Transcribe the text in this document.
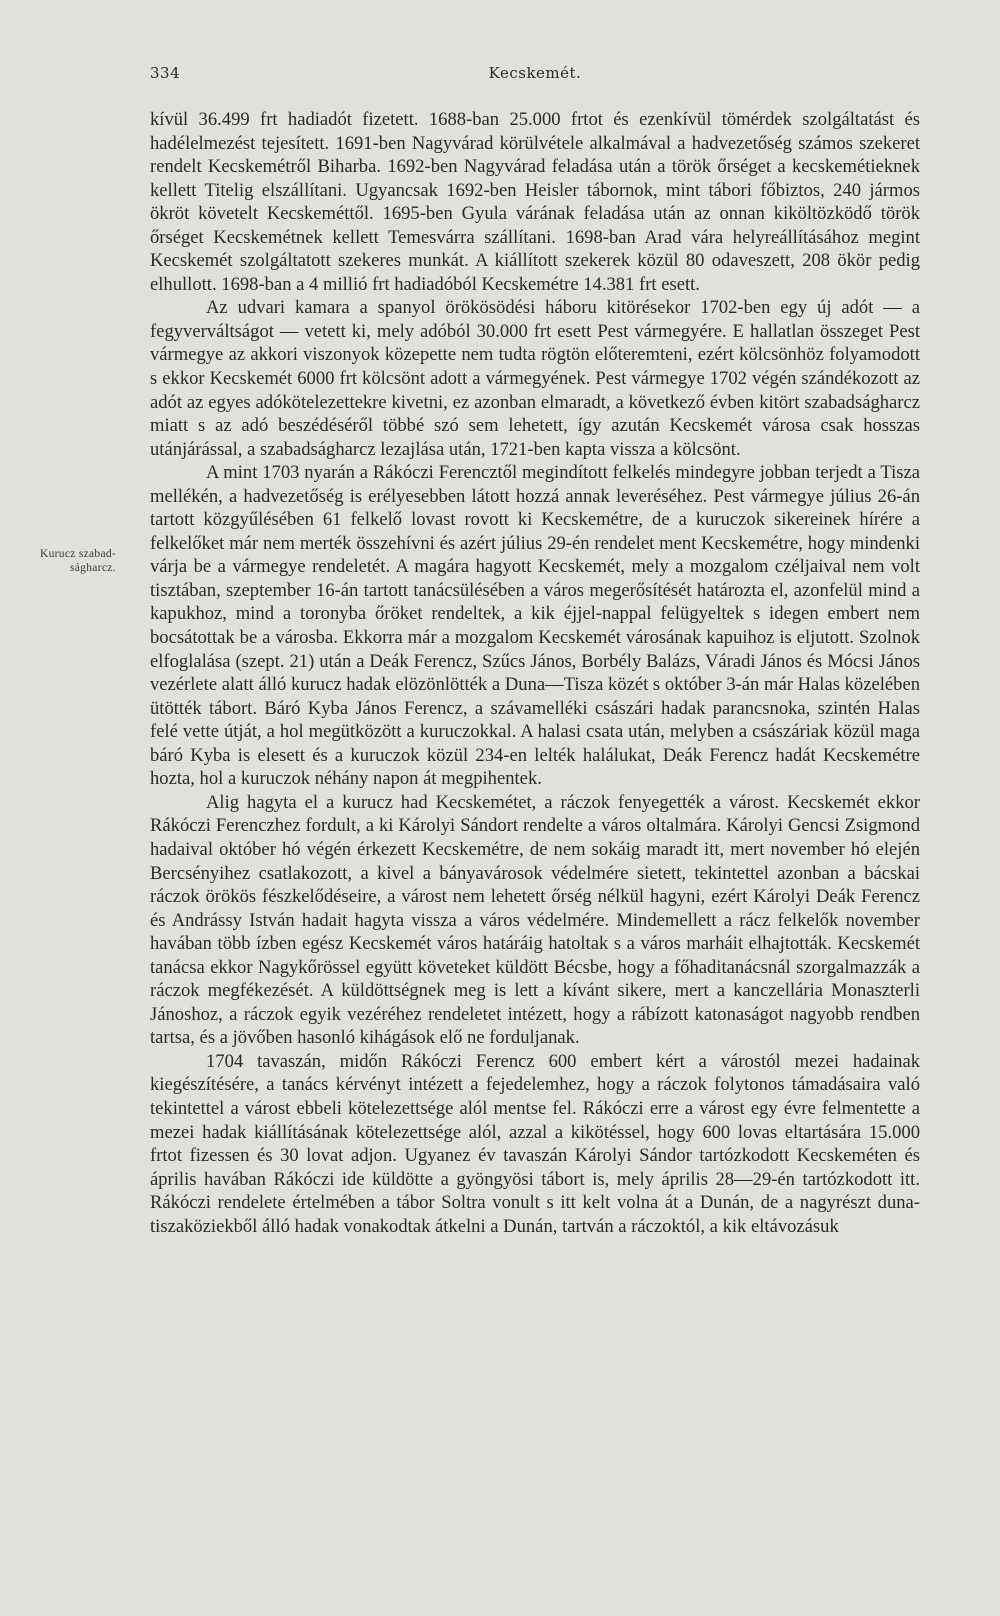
334	Kecskemét.
Kurucz szabad-
ságharcz.

kívül 36.499 frt hadiadót fizetett. 1688-ban 25.000 frtot és ezenkívül tömérdek szolgáltatást és hadélelmezést tejesített. 1691-ben Nagyvárad körülvétele alkalmával a hadvezetőség számos szekeret rendelt Kecskemétről Biharba. 1692-ben Nagyvárad feladása után a török őrséget a kecskemétieknek kellett Titelig elszállítani. Ugyancsak 1692-ben Heisler tábornok, mint tábori főbiztos, 240 jármos ökröt követelt Kecskeméttől. 1695-ben Gyula várának feladása után az onnan kiköltözködő török őrséget Kecskemétnek kellett Temesvárra szállítani. 1698-ban Arad vára helyreállításához megint Kecskemét szolgáltatott szekeres munkát. A kiállított szekerek közül 80 odaveszett, 208 ökör pedig elhullott. 1698-ban a 4 millió frt hadiadóból Kecskemétre 14.381 frt esett.

Az udvari kamara a spanyol örökösödési háboru kitörésekor 1702-ben egy új adót — a fegyverváltságot — vetett ki, mely adóból 30.000 frt esett Pest vármegyére. E hallatlan összeget Pest vármegye az akkori viszonyok közepette nem tudta rögtön előteremteni, ezért kölcsönhöz folyamodott s ekkor Kecskemét 6000 frt kölcsönt adott a vármegyének. Pest vármegye 1702 végén szándékozott az adót az egyes adókötelezettekre kivetni, ez azonban elmaradt, a következő évben kitört szabadságharcz miatt s az adó beszédéséről többé szó sem lehetett, így azután Kecskemét városa csak hosszas utánjárással, a szabadságharcz lezajlása után, 1721-ben kapta vissza a kölcsönt.

A mint 1703 nyarán a Rákóczi Ferencztől megindított felkelés mindegyre jobban terjedt a Tisza mellékén, a hadvezetőség is erélyesebben látott hozzá annak leveréséhez. Pest vármegye július 26-án tartott közgyűlésében 61 felkelő lovast rovott ki Kecskemétre, de a kuruczok sikereinek hírére a felkelőket már nem merték összehívni és azért július 29-én rendelet ment Kecskemétre, hogy mindenki várja be a vármegye rendeletét. A magára hagyott Kecskemét, mely a mozgalom czéljaival nem volt tisztában, szeptember 16-án tartott tanácsülésében a város megerősítését határozta el, azonfelül mind a kapukhoz, mind a toronyba őröket rendeltek, a kik éjjel-nappal felügyeltek s idegen embert nem bocsátottak be a városba. Ekkorra már a mozgalom Kecskemét városának kapuihoz is eljutott. Szolnok elfoglalása (szept. 21) után a Deák Ferencz, Szűcs János, Borbély Balázs, Váradi János és Mócsi János vezérlete alatt álló kurucz hadak elözönlötték a Duna—Tisza közét s október 3-án már Halas közelében ütötték tábort. Báró Kyba János Ferencz, a szávamelléki császári hadak parancsnoka, szintén Halas felé vette útját, a hol megütközött a kuruczokkal. A halasi csata után, melyben a császáriak közül maga báró Kyba is elesett és a kuruczok közül 234-en lelték halálukat, Deák Ferencz hadát Kecskemétre hozta, hol a kuruczok néhány napon át megpihentek.

Alig hagyta el a kurucz had Kecskemétet, a ráczok fenyegették a várost. Kecskemét ekkor Rákóczi Ferenczhez fordult, a ki Károlyi Sándort rendelte a város oltalmára. Károlyi Gencsi Zsigmond hadaival október hó végén érkezett Kecskemétre, de nem sokáig maradt itt, mert november hó elején Bercsényihez csatlakozott, a kivel a bányavárosok védelmére sietett, tekintettel azonban a bácskai ráczok örökös fészkelődéseire, a várost nem lehetett őrség nélkül hagyni, ezért Károlyi Deák Ferencz és Andrássy István hadait hagyta vissza a város védelmére. Mindemellett a rácz felkelők november havában több ízben egész Kecskemét város határáig hatoltak s a város marháit elhajtották. Kecskemét tanácsa ekkor Nagykőrössel együtt követeket küldött Bécsbe, hogy a főhaditanácsnál szorgalmazzák a ráczok megfékezését. A küldöttségnek meg is lett a kívánt sikere, mert a kanczellária Monaszterli Jánoshoz, a ráczok egyik vezéréhez rendeletet intézett, hogy a rábízott katonaságot nagyobb rendben tartsa, és a jövőben hasonló kihágások elő ne forduljanak.

1704 tavaszán, midőn Rákóczi Ferencz 600 embert kért a várostól mezei hadainak kiegészítésére, a tanács kérvényt intézett a fejedelemhez, hogy a ráczok folytonos támadásaira való tekintettel a várost ebbeli kötelezettsége alól mentse fel. Rákóczi erre a várost egy évre felmentette a mezei hadak kiállításának kötelezettsége alól, azzal a kikötéssel, hogy 600 lovas eltartására 15.000 frtot fizessen és 30 lovat adjon. Ugyanez év tavaszán Károlyi Sándor tartózkodott Kecskeméten és április havában Rákóczi ide küldötte a gyöngyösi tábort is, mely április 28—29-én tartózkodott itt. Rákóczi rendelete értelmében a tábor Soltra vonult s itt kelt volna át a Dunán, de a nagyrészt duna-tiszaköziekből álló hadak vonakodtak átkelni a Dunán, tartván a ráczoktól, a kik eltávozásuk
